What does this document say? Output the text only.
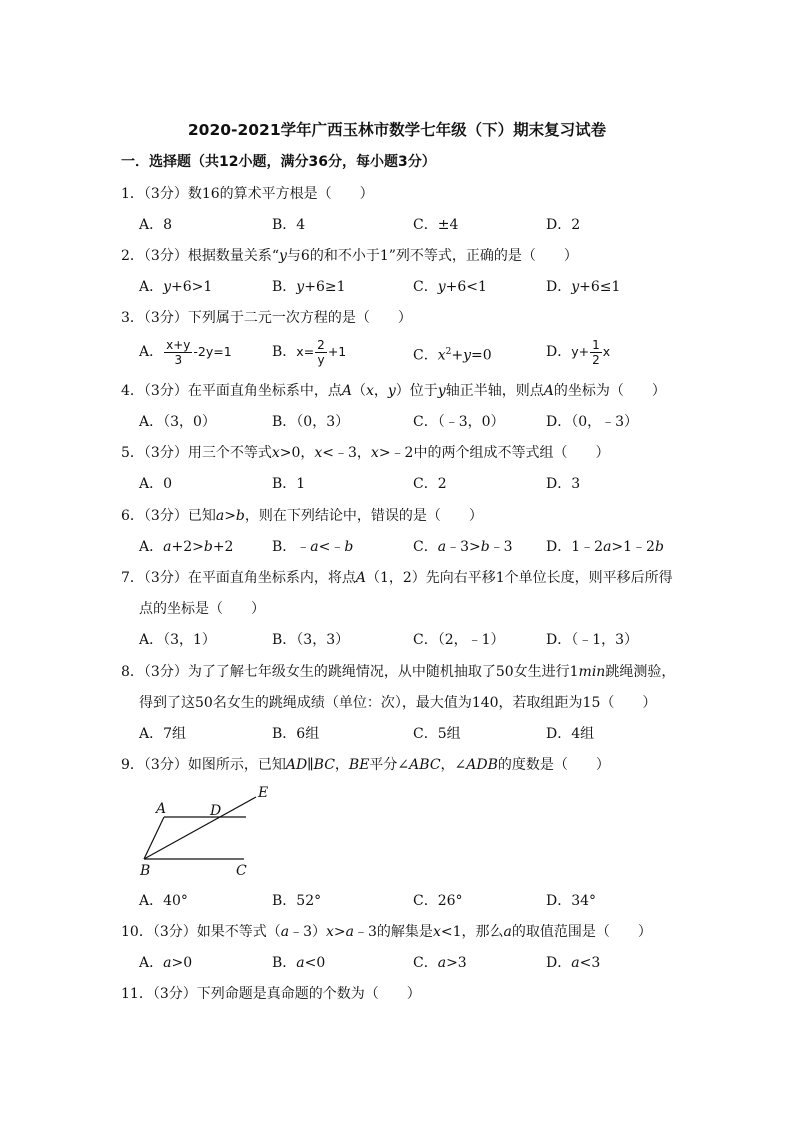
2020-2021学年广西玉林市数学七年级（下）期末复习试卷
一．选择题（共12小题，满分36分，每小题3分）
1．（3分）数16的算术平方根是（　　）
A．8	B．4	C．±4	D．2
2．（3分）根据数量关系“y与6的和不小于1”列不等式，正确的是（　　）
A．y+6>1	B．y+6≥1	C．y+6<1	D．y+6≤1
3．（3分）下列属于二元一次方程的是（　　）
A． $\frac{x+y}{3} -2y=1$	B．$x= \frac{2}{y} +1$	C．$x^2+y=0$	D．$y+ \frac{1}{2}$ x
4．（3分）在平面直角坐标系中，点A（x，y）位于y轴正半轴，则点A的坐标为（　　）
A．（3，0）	B．（0，3）	C．（﹣3，0）	D．（0，﹣3）
5．（3分）用三个不等式x>0，x<﹣3，x>﹣2中的两个组成不等式组（　　）
A．0	B．1	C．2	D．3
6．（3分）已知a>b，则在下列结论中，错误的是（　　）
A．a+2>b+2	B．﹣a<﹣b	C．a﹣3>b﹣3 D．1﹣2a>1﹣2b
7．（3分）在平面直角坐标系内，将点A（1，2）先向右平移1个单位长度，则平移后所得
点的坐标是（　　）
A．（3，1）	B．（3，3）	C．（2，﹣1）	D．（﹣1，3）
8．（3分）为了了解七年级女生的跳绳情况，从中随机抽取了50女生进行1min跳绳测验，
得到了这50名女生的跳绳成绩（单位：次），最大值为140，若取组距为15（　　）
A．7组	B．6组	C．5组	D．4组
9．（3分）如图所示，已知AD∥BC，BE平分∠ABC，∠ADB的度数是（　　）
A	D
E
B	C
A．40°	B．52°	C．26°	D．34°
10．（3分）如果不等式（a﹣3）x>a﹣3的解集是x<1，那么a的取值范围是（　　）
A．a>0	B．a<0	C．a>3	D．a<3
11．（3分）下列命题是真命题的个数为（　　）
